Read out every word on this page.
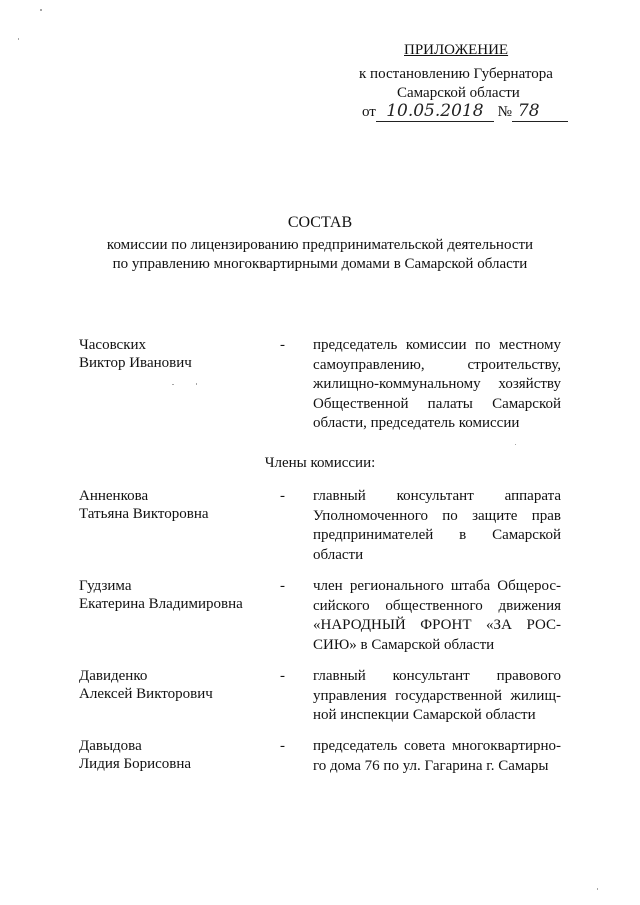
ПРИЛОЖЕНИЕ
к постановлению Губернатора
Самарской области
от 10.05.2018 № 78
СОСТАВ
комиссии по лицензированию предпринимательской деятельности
по управлению многоквартирными домами в Самарской области
Часовских
Виктор Иванович
- председатель комиссии по местному
самоуправлению, строительству,
жилищно-коммунальному хозяйству
Общественной палаты Самарской
области, председатель комиссии
Члены комиссии:
Анненкова
Татьяна Викторовна
- главный консультант аппарата
Уполномоченного по защите прав
предпринимателей в Самарской
области
Гудзима
Екатерина Владимировна
- член регионального штаба Общерос-
сийского общественного движения
«НАРОДНЫЙ ФРОНТ «ЗА РОС-
СИЮ» в Самарской области
Давиденко
Алексей Викторович
- главный консультант правового
управления государственной жилищ-
ной инспекции Самарской области
Давыдова
Лидия Борисовна
- председатель совета многоквартирно-
го дома 76 по ул. Гагарина г. Самары
